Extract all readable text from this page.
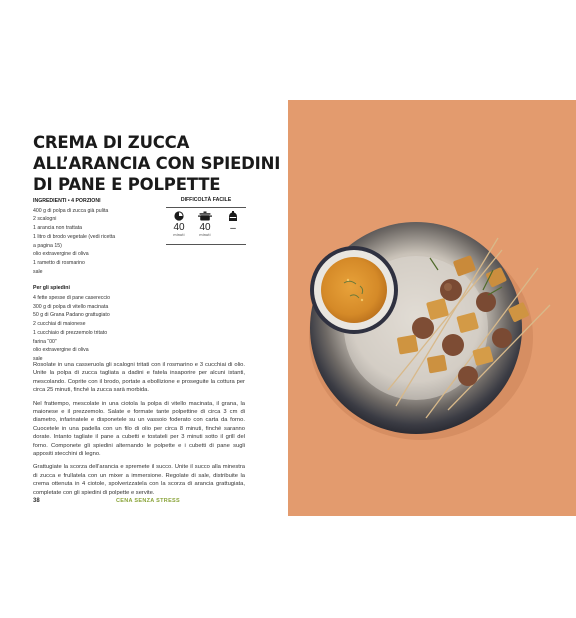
CREMA DI ZUCCA
ALL’ARANCIA CON SPIEDINI
DI PANE E POLPETTE
INGREDIENTI • 4 PORZIONI
400 g di polpa di zucca già pulita
2 scalogni
1 arancia non trattata
1 litro di brodo vegetale (vedi ricetta
a pagina 15)
olio extravergine di oliva
1 rametto di rosmarino
sale
Per gli spiedini
4 fette spesse di pane casereccio
300 g di polpa di vitello macinata
50 g di Grana Padano grattugiato
2 cucchiai di maionese
1 cucchiaio di prezzemolo tritato
farina “00”
olio extravergine di oliva
sale
DIFFICOLTÀ FACILE
40
minuti
40
minuti
–

Rosolate in una casseruola gli scalogni tritati con il rosmarino e 3 cucchiai di olio. Unite la polpa di zucca tagliata a dadini e fatela insaporire per alcuni istanti, mescolando. Coprite con il brodo, portate a ebollizione e proseguite la cottura per circa 25 minuti, finché la zucca sarà morbida.

Nel frattempo, mescolate in una ciotola la polpa di vitello macinata, il grana, la maionese e il prezzemolo. Salate e formate tante polpettine di circa 3 cm di diametro, infarinatele e disponetele su un vassoio foderato con carta da forno. Cuocetele in una padella con un filo di olio per circa 8 minuti, finché saranno dorate. Intanto tagliate il pane a cubetti e tostateli per 3 minuti sotto il grill del forno. Componete gli spiedini alternando le polpette e i cubetti di pane sugli appositi stecchini di legno.

Grattugiate la scorza dell’arancia e spremete il succo. Unite il succo alla minestra di zucca e frullatela con un mixer a immersione. Regolate di sale, distribuite la crema ottenuta in 4 ciotole, spolverizzatela con la scorza di arancia grattugiata, completate con gli spiedini di polpette e servite.

38	CENA SENZA STRESS
